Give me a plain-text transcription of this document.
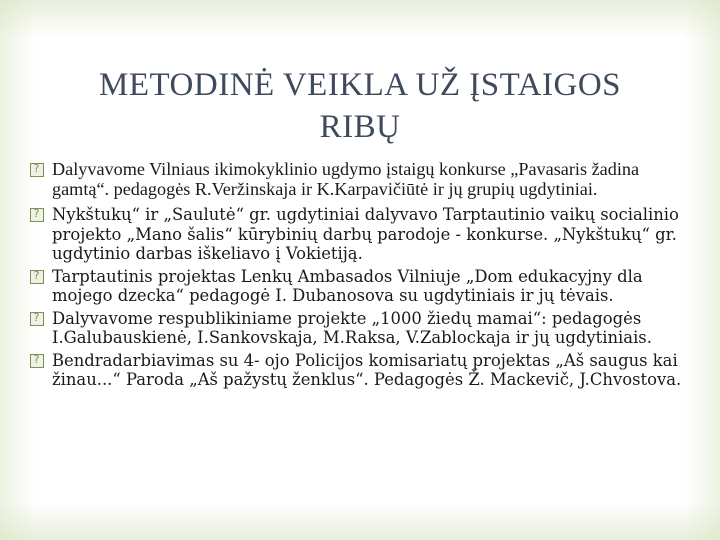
METODINĖ VEIKLA UŽ ĮSTAIGOS
RIBŲ
?
Dalyvavome Vilniaus ikimokyklinio ugdymo įstaigų konkurse „Pavasaris žadina gamtą“. pedagogės R.Veržinskaja ir K.Karpavičiūtė ir jų grupių ugdytiniai.
?
Nykštukų“ ir „Saulutė“ gr. ugdytiniai dalyvavo Tarptautinio vaikų socialinio projekto „Mano šalis“ kūrybinių darbų parodoje - konkurse. „Nykštukų“ gr. ugdytinio darbas iškeliavo į Vokietiją.
?
Tarptautinis projektas Lenkų Ambasados Vilniuje „Dom edukacyjny dla mojego dzecka“ pedagogė I. Dubanosova su ugdytiniais ir jų tėvais.
?
Dalyvavome respublikiniame projekte „1000 žiedų mamai“: pedagogės I.Galubauskienė, I.Sankovskaja, M.Raksa, V.Zablockaja ir jų ugdytiniais.
?
Bendradarbiavimas su 4- ojo Policijos komisariatų projektas „Aš saugus kai žinau...“ Paroda „Aš pažystų ženklus“. Pedagogės Ž. Mackevič, J.Chvostova.
